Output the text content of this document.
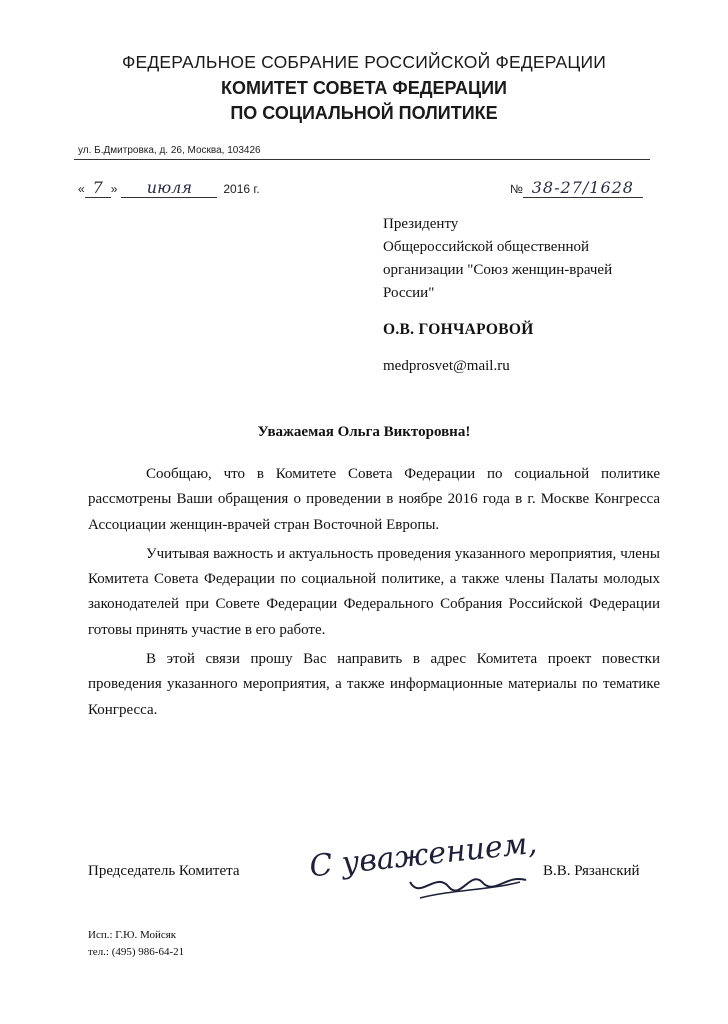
ФЕДЕРАЛЬНОЕ СОБРАНИЕ РОССИЙСКОЙ ФЕДЕРАЦИИ
КОМИТЕТ СОВЕТА ФЕДЕРАЦИИ
ПО СОЦИАЛЬНОЙ ПОЛИТИКЕ
ул. Б.Дмитровка, д. 26, Москва, 103426
« 7 » июля	2016 г.	№ 38-27/1628
Президенту
Общероссийской общественной
организации "Союз женщин-врачей
России"
О.В. ГОНЧАРОВОЙ
medprosvet@mail.ru
Уважаемая Ольга Викторовна!

Сообщаю, что в Комитете Совета Федерации по социальной политике рассмотрены Ваши обращения о проведении в ноябре 2016 года в г. Москве Конгресса Ассоциации женщин-врачей стран Восточной Европы.

Учитывая важность и актуальность проведения указанного мероприятия, члены Комитета Совета Федерации по социальной политике, а также члены Палаты молодых законодателей при Совете Федерации Федерального Собрания Российской Федерации готовы принять участие в его работе.

В этой связи прошу Вас направить в адрес Комитета проект повестки проведения указанного мероприятия, а также информационные материалы по тематике Конгресса.

Председатель Комитета С уважением, В.В. Рязанский
Исп.: Г.Ю. Мойсяк
тел.: (495) 986-64-21
